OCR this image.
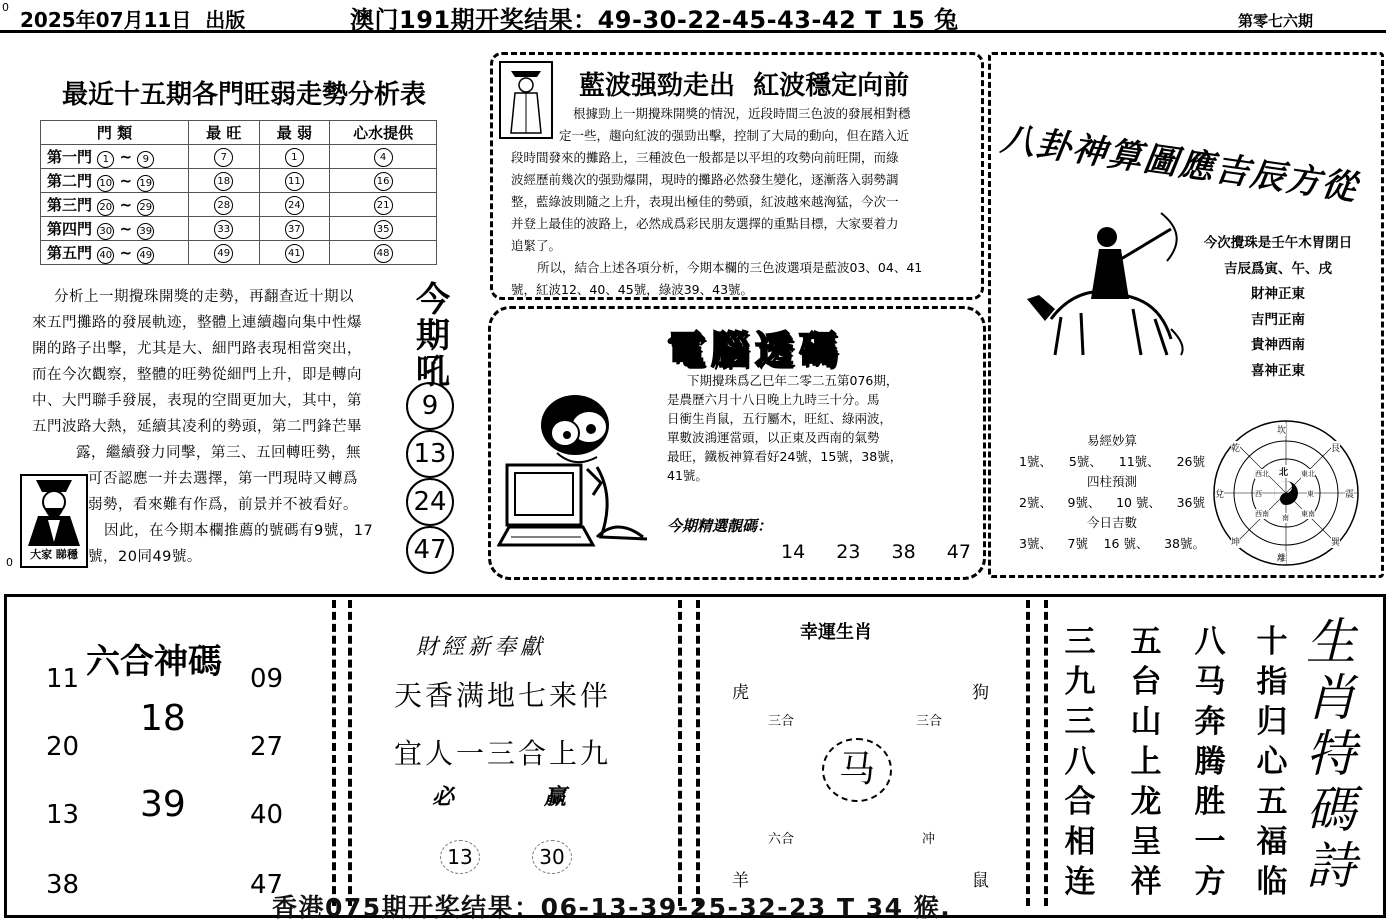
0
2025年07月11日  出版	澳门191期开奖结果：49-30-22-45-43-42 T 15 兔	第零七六期
最近十五期各門旺弱走勢分析表
門 類	最 旺	最 弱	心水提供
第一門 1 ~ 9	7	1	4
第二門 10 ~ 19	18	11	16
第三門 20 ~ 29	28	24	21
第四門 30 ~ 39	33	37	35
第五門 40 ~ 49	49	41	48
分析上一期攪珠開獎的走勢，再翻查近十期以
來五門攤路的發展軌迹，整體上連續趨向集中性爆
開的路子出擊，尤其是大、細門路表現相當突出，
而在今次觀察，整體的旺勢從細門上升，即是轉向
中、大門聯手發展，表現的空間更加大，其中，第
五門波路大熱，延續其凌利的勢頭，第二門鋒芒畢
露，繼續發力同擊，第三、五回轉旺勢，無
可否認應一并去選擇，第一門現時又轉爲
弱勢，看來難有作爲，前景并不被看好。
因此，在今期本欄推薦的號碼有9號，17
號，20同49號。
大家 睇穩
0
今期吼
9
13
24
47
藍波强勁走出  紅波穩定向前
根據勁上一期攪珠開獎的情況，近段時間三色波的發展相對穩
定一些，趨向紅波的强勁出擊，控制了大局的動向，但在踏入近
段時間發來的攤路上，三種波色一般都是以平坦的攻勢向前旺開，而綠
波經歷前幾次的强勁爆開，現時的攤路必然發生變化，逐漸落入弱勢調
整，藍綠波則隨之上升，表現出極佳的勢頭，紅波越來越洶猛，今次一
并登上最佳的波路上，必然成爲彩民朋友選擇的重點目標，大家要着力
追緊了。
所以，結合上述各項分析，今期本欄的三色波選項是藍波03、04、41
號，紅波12、40、45號，綠波39、43號。
電腦透碼
下期攪珠爲乙巳年二零二五第076期，
是農歷六月十八日晚上九時三十分。馬
日衝生肖鼠，五行屬木，旺紅、綠兩波，
單數波鴻運當頭，以正東及西南的氣勢
最旺，鐵板神算看好24號，15號，38號，
41號。
今期精選靚碼：
14 23 38 47
八卦神算圖應吉辰方從
今次攪珠是壬午木胃閉日
吉辰爲寅、午、戌
財神正東
吉門正南
貴神西南
喜神正東
易經妙算
1號、 5號、 11號、 26號
四柱預測
2號、 9號、 10 號、 36號
今日吉數
3號、 7號 16 號、 38號。
坎
離
兌	震
乾	艮
坤	巽
北
西北	東北
西	東
西南 南 東南
六合神碼
11	09
18
20	27
39
13	40
38	47
財經新奉獻
天香满地七来伴
宜人一三合上九
必	赢
13	30
幸運生肖
虎	狗
三合	三合
马
六合	冲
羊	鼠
十指归心五福临
八马奔腾胜一方
五台山上龙呈祥
三九三八合相连
生肖特碼詩
香港075期开奖结果：06-13-39-25-32-23 T 34 猴.
